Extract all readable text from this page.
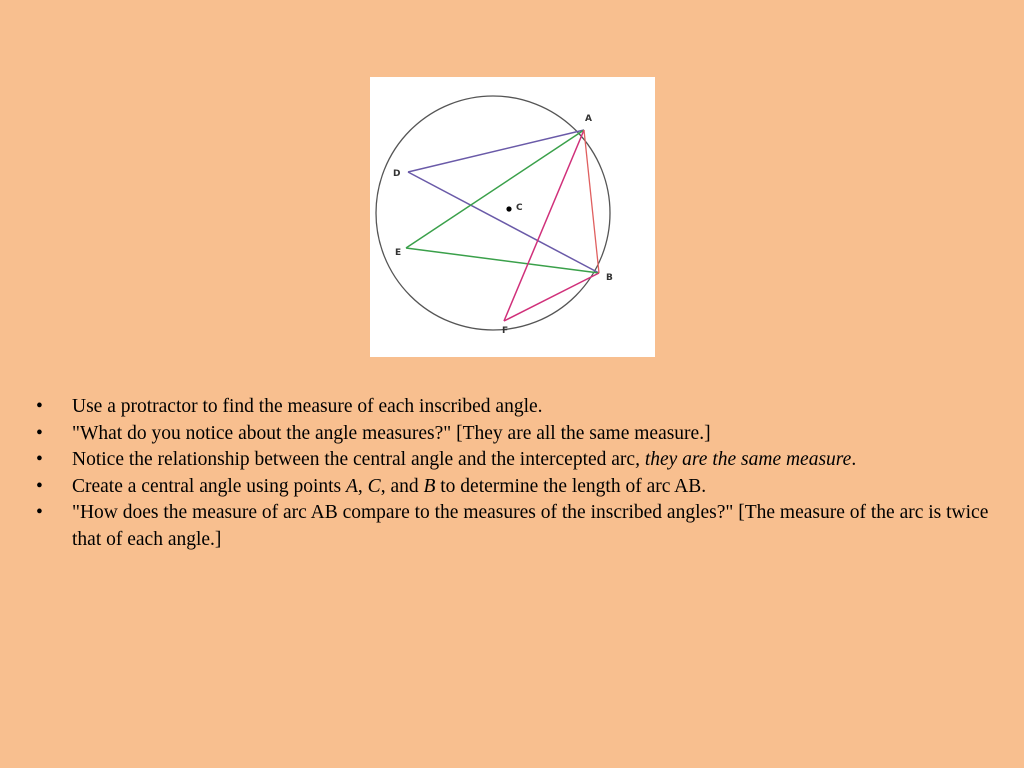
A
B
C
D
E
F
• Use a protractor to find the measure of each inscribed angle.
• "What do you notice about the angle measures?" [They are all the same measure.]
• Notice the relationship between the central angle and the intercepted arc, they are the same measure.
• Create a central angle using points A, C, and B to determine the length of arc AB.
• "How does the measure of arc AB compare to the measures of the inscribed angles?" [The measure of the arc is twice that of each angle.]
